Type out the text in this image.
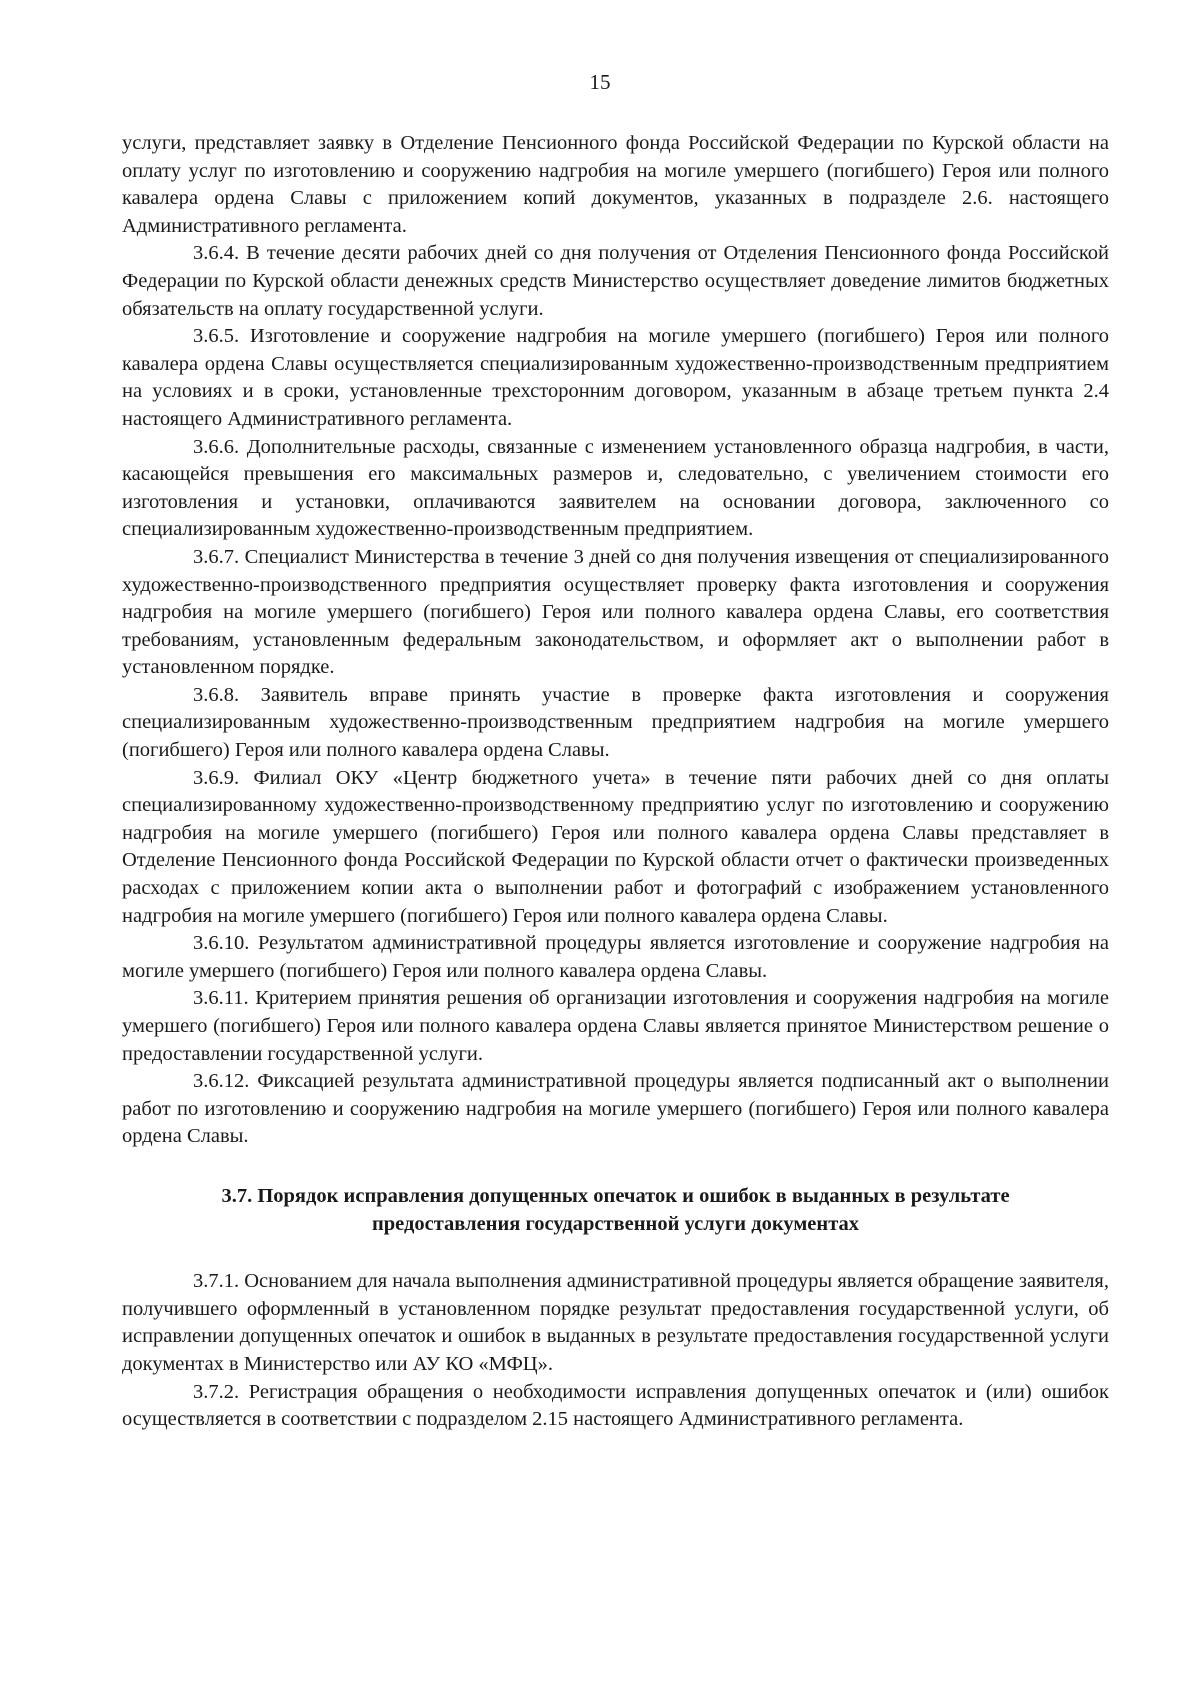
15

услуги, представляет заявку в Отделение Пенсионного фонда Российской Федерации по Курской области на оплату услуг по изготовлению и сооружению надгробия на могиле умершего (погибшего) Героя или полного кавалера ордена Славы с приложением копий документов, указанных в подразделе 2.6. настоящего Административного регламента.

3.6.4. В течение десяти рабочих дней со дня получения от Отделения Пенсионного фонда Российской Федерации по Курской области денежных средств Министерство осуществляет доведение лимитов бюджетных обязательств на оплату государственной услуги.

3.6.5. Изготовление и сооружение надгробия на могиле умершего (погибшего) Героя или полного кавалера ордена Славы осуществляется специализированным художественно-производственным предприятием на условиях и в сроки, установленные трехсторонним договором, указанным в абзаце третьем пункта 2.4 настоящего Административного регламента.

3.6.6. Дополнительные расходы, связанные с изменением установленного образца надгробия, в части, касающейся превышения его максимальных размеров и, следовательно, с увеличением стоимости его изготовления и установки, оплачиваются заявителем на основании договора, заключенного со специализированным художественно-производственным предприятием.

3.6.7. Специалист Министерства в течение 3 дней со дня получения извещения от специализированного художественно-производственного предприятия осуществляет проверку факта изготовления и сооружения надгробия на могиле умершего (погибшего) Героя или полного кавалера ордена Славы, его соответствия требованиям, установленным федеральным законодательством, и оформляет акт о выполнении работ в установленном порядке.

3.6.8. Заявитель вправе принять участие в проверке факта изготовления и сооружения специализированным художественно-производственным предприятием надгробия на могиле умершего (погибшего) Героя или полного кавалера ордена Славы.

3.6.9. Филиал ОКУ «Центр бюджетного учета» в течение пяти рабочих дней со дня оплаты специализированному художественно-производственному предприятию услуг по изготовлению и сооружению надгробия на могиле умершего (погибшего) Героя или полного кавалера ордена Славы представляет в Отделение Пенсионного фонда Российской Федерации по Курской области отчет о фактически произведенных расходах с приложением копии акта о выполнении работ и фотографий с изображением установленного надгробия на могиле умершего (погибшего) Героя или полного кавалера ордена Славы.

3.6.10. Результатом административной процедуры является изготовление и сооружение надгробия на могиле умершего (погибшего) Героя или полного кавалера ордена Славы.

3.6.11. Критерием принятия решения об организации изготовления и сооружения надгробия на могиле умершего (погибшего) Героя или полного кавалера ордена Славы является принятое Министерством решение о предоставлении государственной услуги.

3.6.12. Фиксацией результата административной процедуры является подписанный акт о выполнении работ по изготовлению и сооружению надгробия на могиле умершего (погибшего) Героя или полного кавалера ордена Славы.

3.7. Порядок исправления допущенных опечаток и ошибок в выданных в результате предоставления государственной услуги документах

3.7.1. Основанием для начала выполнения административной процедуры является обращение заявителя, получившего оформленный в установленном порядке результат предоставления государственной услуги, об исправлении допущенных опечаток и ошибок в выданных в результате предоставления государственной услуги документах в Министерство или АУ КО «МФЦ».

3.7.2. Регистрация обращения о необходимости исправления допущенных опечаток и (или) ошибок осуществляется в соответствии с подразделом 2.15 настоящего Административного регламента.
